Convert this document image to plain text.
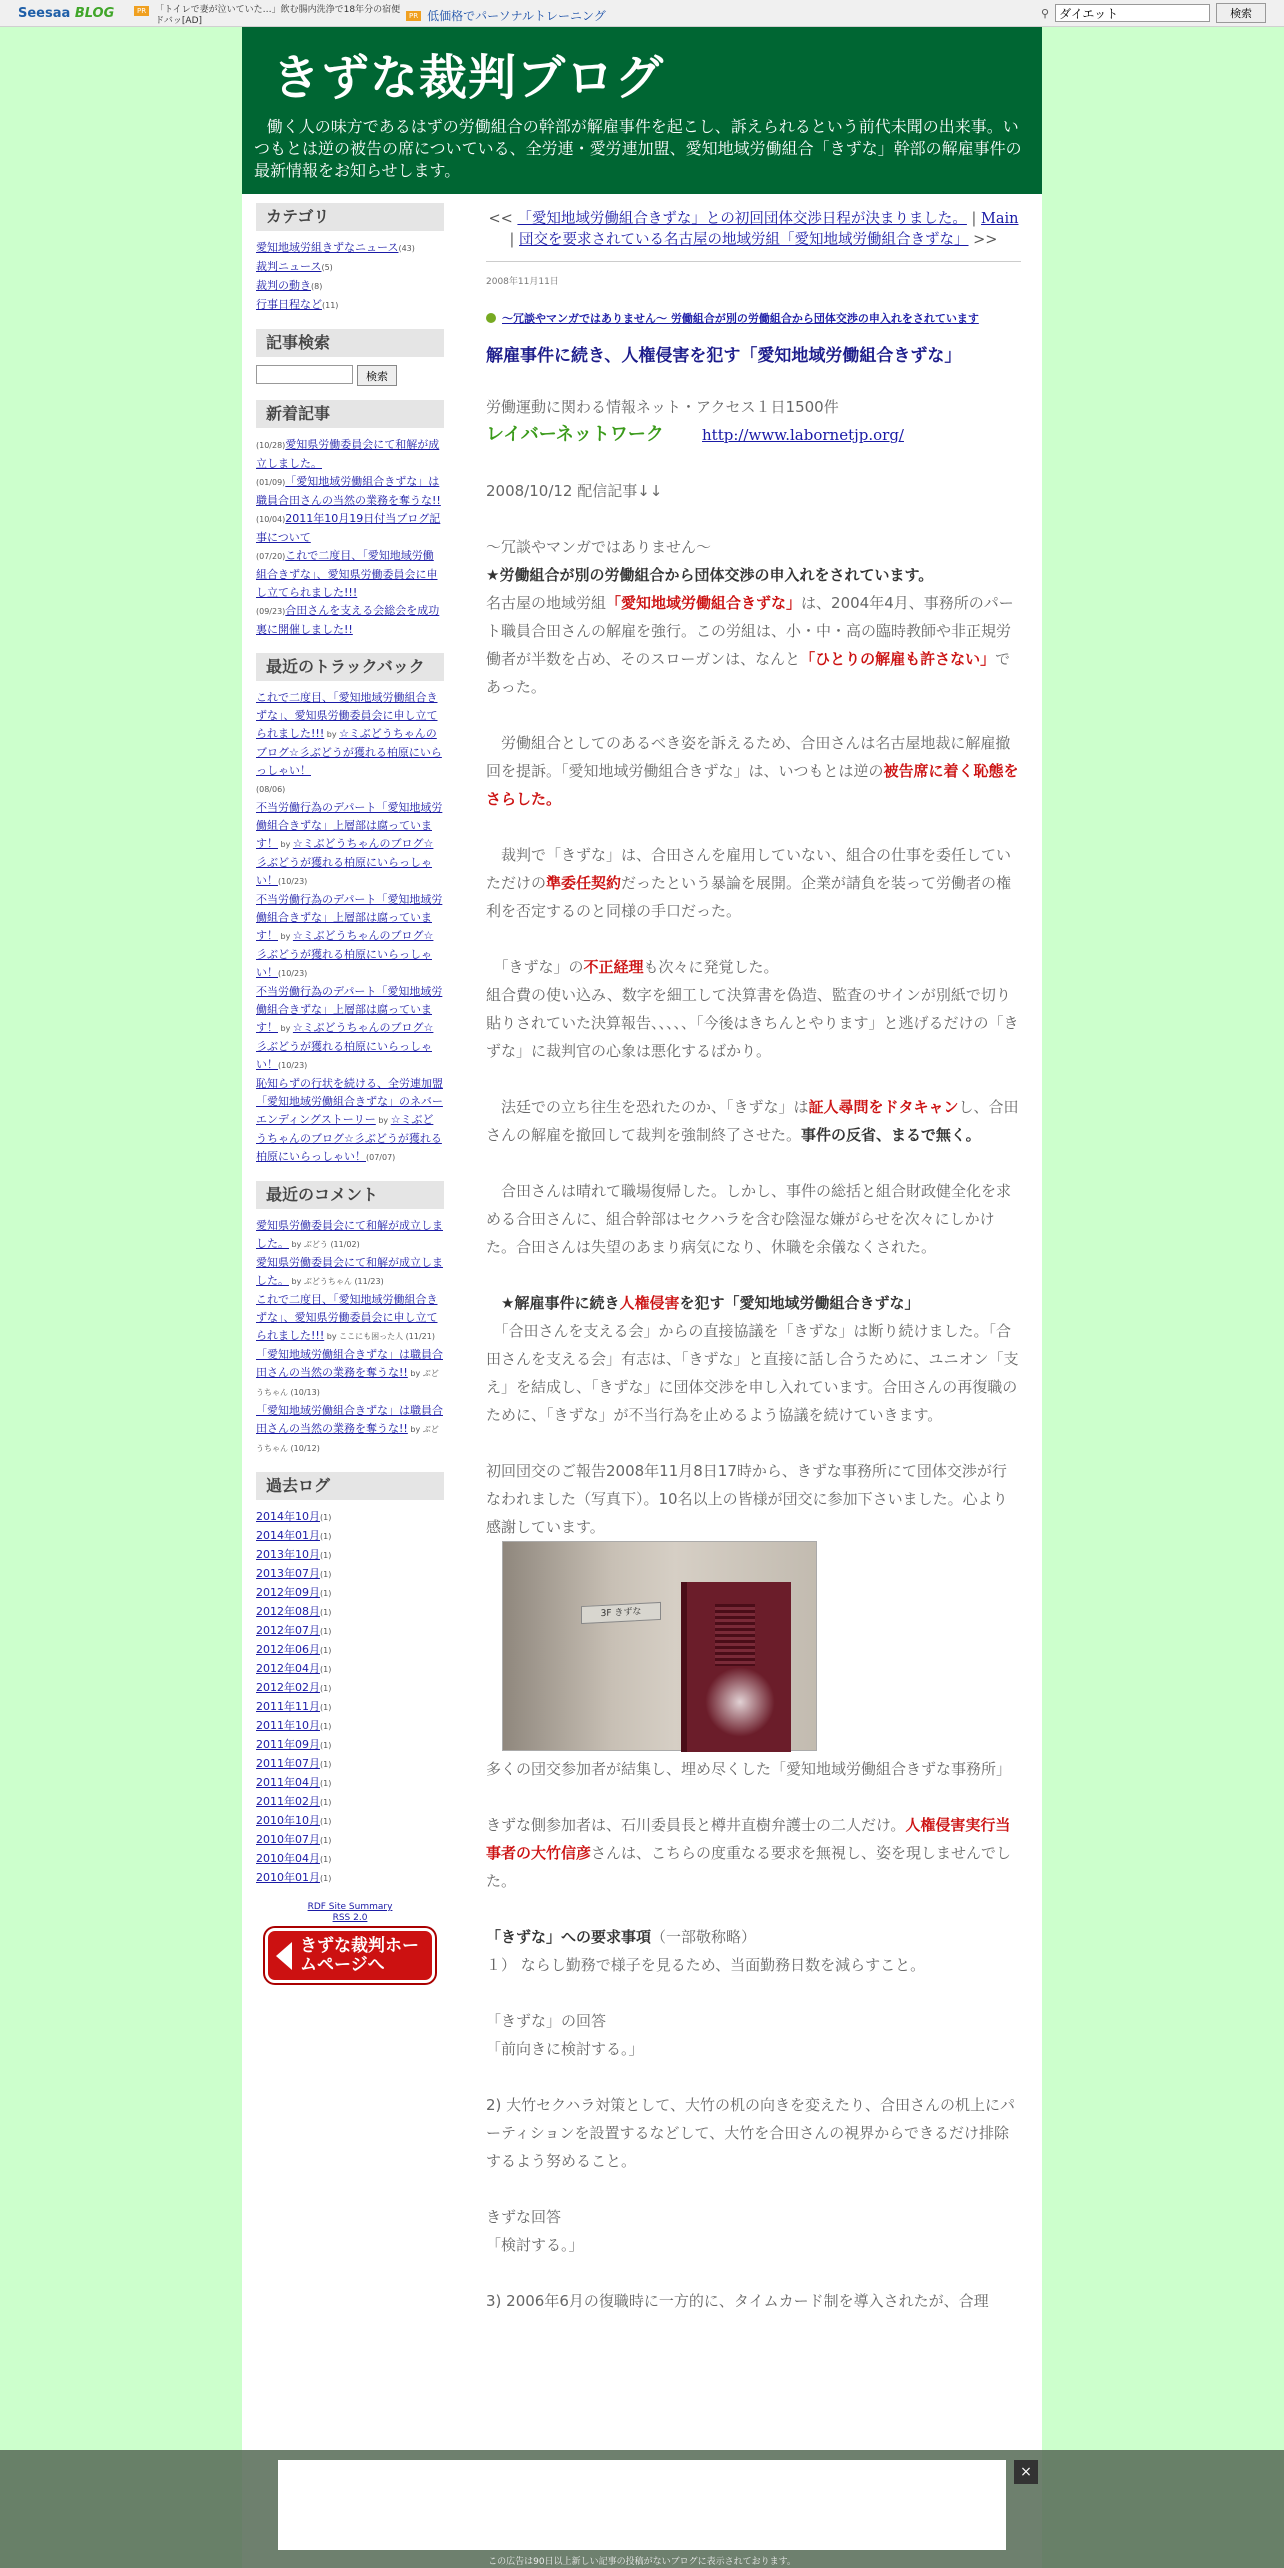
Seesaa BLOG	PR	「トイレで妻が泣いていた…」飲む腸内洗浄で18年分の宿便ドバッ[AD]	PR 低価格でパーソナルトレーニング	⚲
ダイエット	検索
きずな裁判ブログ
働く人の味方であるはずの労働組合の幹部が解雇事件を起こし、訴えられるという前代未聞の出来事。いつもとは逆の被告の席についている、全労連・愛労連加盟、愛知地域労働組合「きずな」幹部の解雇事件の最新情報をお知らせします。
カテゴリ
愛知地域労組きずなニュース(43)
裁判ニュース(5)
裁判の動き(8)
行事日程など(11)
記事検索
検索
新着記事
(10/28)愛知県労働委員会にて和解が成立しました。
(01/09)「愛知地域労働組合きずな」は職員合田さんの当然の業務を奪うな!!
(10/04)2011年10月19日付当ブログ記事について
(07/20)これで二度目、「愛知地域労働組合きずな」、愛知県労働委員会に申し立てられました!!!
(09/23)合田さんを支える会総会を成功裏に開催しました!!
最近のトラックバック
これで二度目、「愛知地域労働組合きずな」、愛知県労働委員会に申し立てられました!!! by ☆ミぶどうちゃんのブログ☆彡ぶどうが獲れる柏原にいらっしゃい！
(08/06)
不当労働行為のデパート「愛知地域労働組合きずな」上層部は腐っています！ by ☆ミぶどうちゃんのブログ☆彡ぶどうが獲れる柏原にいらっしゃい！(10/23)
不当労働行為のデパート「愛知地域労働組合きずな」上層部は腐っています！ by ☆ミぶどうちゃんのブログ☆彡ぶどうが獲れる柏原にいらっしゃい！(10/23)
不当労働行為のデパート「愛知地域労働組合きずな」上層部は腐っています！ by ☆ミぶどうちゃんのブログ☆彡ぶどうが獲れる柏原にいらっしゃい！(10/23)
恥知らずの行状を続ける、全労連加盟「愛知地域労働組合きずな」のネバーエンディングストーリー by ☆ミぶどうちゃんのブログ☆彡ぶどうが獲れる柏原にいらっしゃい！(07/07)
最近のコメント
愛知県労働委員会にて和解が成立しました。 by ぶどう (11/02)
愛知県労働委員会にて和解が成立しました。 by ぶどうちゃん (11/23)
これで二度目、「愛知地域労働組合きずな」、愛知県労働委員会に申し立てられました!!! by ここにも困った人 (11/21)
「愛知地域労働組合きずな」は職員合田さんの当然の業務を奪うな!! by ぶどうちゃん (10/13)
「愛知地域労働組合きずな」は職員合田さんの当然の業務を奪うな!! by ぶどうちゃん (10/12)
過去ログ
2014年10月(1)
2014年01月(1)
2013年10月(1)
2013年07月(1)
2012年09月(1)
2012年08月(1)
2012年07月(1)
2012年06月(1)
2012年04月(1)
2012年02月(1)
2011年11月(1)
2011年10月(1)
2011年09月(1)
2011年07月(1)
2011年04月(1)
2011年02月(1)
2010年10月(1)
2010年07月(1)
2010年04月(1)
2010年01月(1)
RDF Site Summary
RSS 2.0
きずな裁判ホームページへ
<< 「愛知地域労働組合きずな」との初回団体交渉日程が決まりました。 | Main | 団交を要求されている名古屋の地域労組「愛知地域労働組合きずな」 >>
2008年11月11日
～冗談やマンガではありません～ 労働組合が別の労働組合から団体交渉の申入れをされています
解雇事件に続き、人権侵害を犯す「愛知地域労働組合きずな」

労働運動に関わる情報ネット・アクセス１日1500件

レイバーネットワーク	http://www.labornetjp.org/

2008/10/12 配信記事↓↓

～冗談やマンガではありません～

★労働組合が別の労働組合から団体交渉の申入れをされています。

名古屋の地域労組「愛知地域労働組合きずな」は、2004年4月、事務所のパート職員合田さんの解雇を強行。この労組は、小・中・高の臨時教師や非正規労働者が半数を占め、そのスローガンは、なんと「ひとりの解雇も許さない」であった。

　労働組合としてのあるべき姿を訴えるため、合田さんは名古屋地裁に解雇撤回を提訴。「愛知地域労働組合きずな」は、いつもとは逆の被告席に着く恥態をさらした。

　裁判で「きずな」は、合田さんを雇用していない、組合の仕事を委任していただけの準委任契約だったという暴論を展開。企業が請負を装って労働者の権利を否定するのと同様の手口だった。

　「きずな」の不正経理も次々に発覚した。

組合費の使い込み、数字を細工して決算書を偽造、監査のサインが別紙で切り貼りされていた決算報告、、、、、「今後はきちんとやります」と逃げるだけの「きずな」に裁判官の心象は悪化するばかり。

　法廷での立ち往生を恐れたのか、「きずな」は証人尋問をドタキャンし、合田さんの解雇を撤回して裁判を強制終了させた。事件の反省、まるで無く。

　合田さんは晴れて職場復帰した。しかし、事件の総括と組合財政健全化を求める合田さんに、組合幹部はセクハラを含む陰湿な嫌がらせを次々にしかけた。合田さんは失望のあまり病気になり、休職を余儀なくされた。

　★解雇事件に続き人権侵害を犯す「愛知地域労働組合きずな」

　「合田さんを支える会」からの直接協議を「きずな」は断り続けました。「合田さんを支える会」有志は、「きずな」と直接に話し合うために、ユニオン「支え」を結成し、「きずな」に団体交渉を申し入れています。合田さんの再復職のために、「きずな」が不当行為を止めるよう協議を続けていきます。

初回団交のご報告2008年11月8日17時から、きずな事務所にて団体交渉が行なわれました（写真下）。10名以上の皆様が団交に参加下さいました。心より感謝しています。

3F きずな

多くの団交参加者が結集し、埋め尽くした「愛知地域労働組合きずな事務所」

きずな側参加者は、石川委員長と樽井直樹弁護士の二人だけ。人権侵害実行当事者の大竹信彦さんは、こちらの度重なる要求を無視し、姿を現しませんでした。

「きずな」への要求事項（一部敬称略）

１） ならし勤務で様子を見るため、当面勤務日数を減らすこと。

「きずな」の回答

「前向きに検討する。」

2) 大竹セクハラ対策として、大竹の机の向きを変えたり、合田さんの机上にパーティションを設置するなどして、大竹を合田さんの視界からできるだけ排除するよう努めること。

きずな回答

「検討する。」

3) 2006年6月の復職時に一方的に、タイムカード制を導入されたが、合理

×
この広告は90日以上新しい記事の投稿がないブログに表示されております。
